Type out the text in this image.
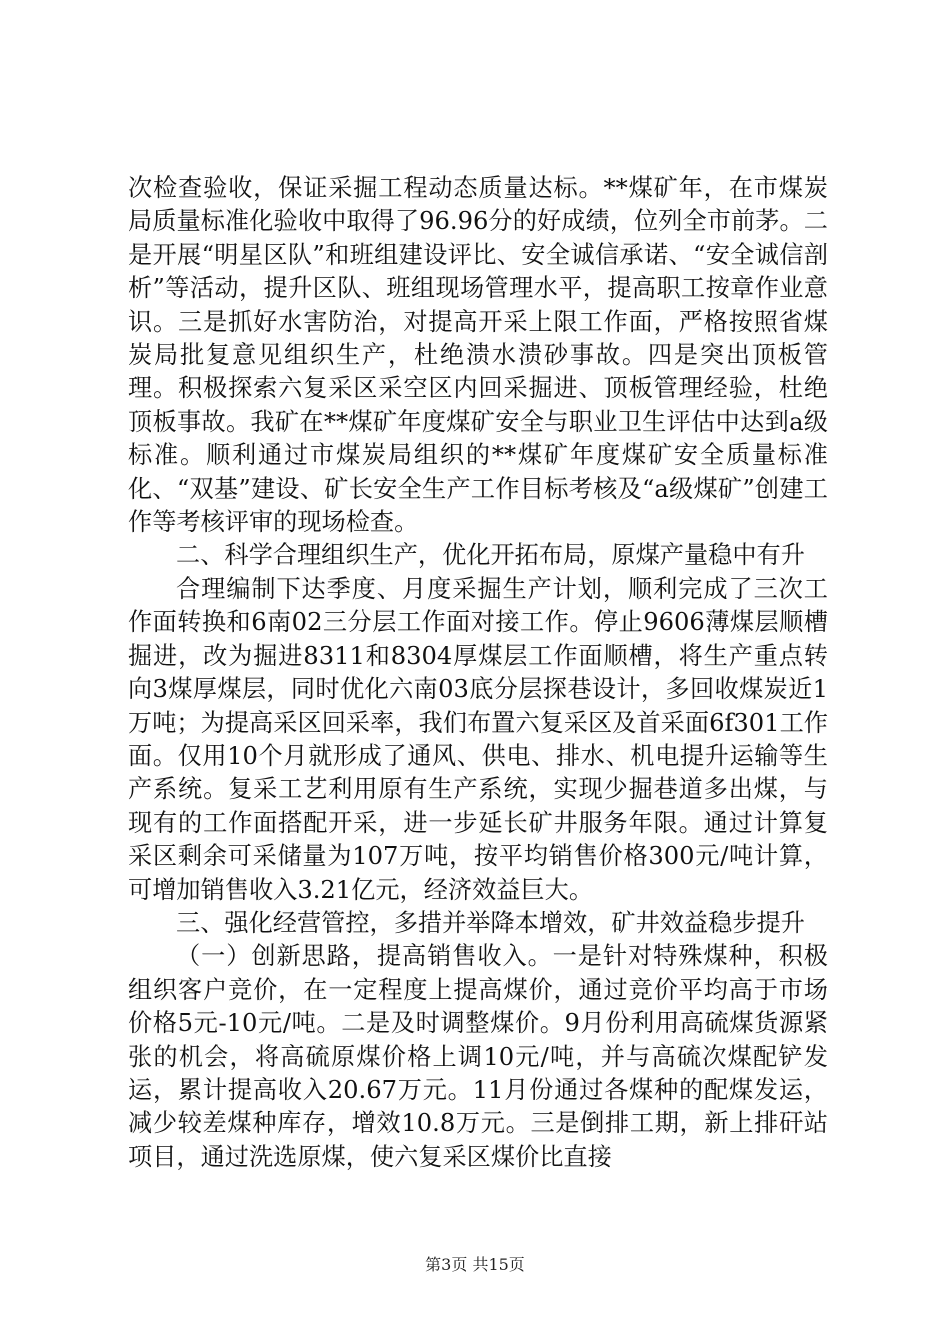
次检查验收，保证采掘工程动态质量达标。**煤矿年，在市煤炭局质量标准化验收中取得了96.96分的好成绩，位列全市前茅。二是开展“明星区队”和班组建设评比、安全诚信承诺、“安全诚信剖析”等活动，提升区队、班组现场管理水平，提高职工按章作业意识。三是抓好水害防治，对提高开采上限工作面，严格按照省煤炭局批复意见组织生产，杜绝溃水溃砂事故。四是突出顶板管理。积极探索六复采区采空区内回采掘进、顶板管理经验，杜绝顶板事故。我矿在**煤矿年度煤矿安全与职业卫生评估中达到a级标准。顺利通过市煤炭局组织的**煤矿年度煤矿安全质量标准化、“双基”建设、矿长安全生产工作目标考核及“a级煤矿”创建工作等考核评审的现场检查。

二、科学合理组织生产，优化开拓布局，原煤产量稳中有升

合理编制下达季度、月度采掘生产计划，顺利完成了三次工作面转换和6南02三分层工作面对接工作。停止9606薄煤层顺槽掘进，改为掘进8311和8304厚煤层工作面顺槽，将生产重点转向3煤厚煤层，同时优化六南03底分层探巷设计，多回收煤炭近1万吨；为提高采区回采率，我们布置六复采区及首采面6f301工作面。仅用10个月就形成了通风、供电、排水、机电提升运输等生产系统。复采工艺利用原有生产系统，实现少掘巷道多出煤，与现有的工作面搭配开采，进一步延长矿井服务年限。通过计算复采区剩余可采储量为107万吨，按平均销售价格300元/吨计算，可增加销售收入3.21亿元，经济效益巨大。

三、强化经营管控，多措并举降本增效，矿井效益稳步提升

（一）创新思路，提高销售收入。一是针对特殊煤种，积极组织客户竞价，在一定程度上提高煤价，通过竞价平均高于市场价格5元-10元/吨。二是及时调整煤价。9月份利用高硫煤货源紧张的机会，将高硫原煤价格上调10元/吨，并与高硫次煤配铲发运，累计提高收入20.67万元。11月份通过各煤种的配煤发运，减少较差煤种库存，增效10.8万元。三是倒排工期，新上排矸站项目，通过洗选原煤，使六复采区煤价比直接

第3页 共15页
